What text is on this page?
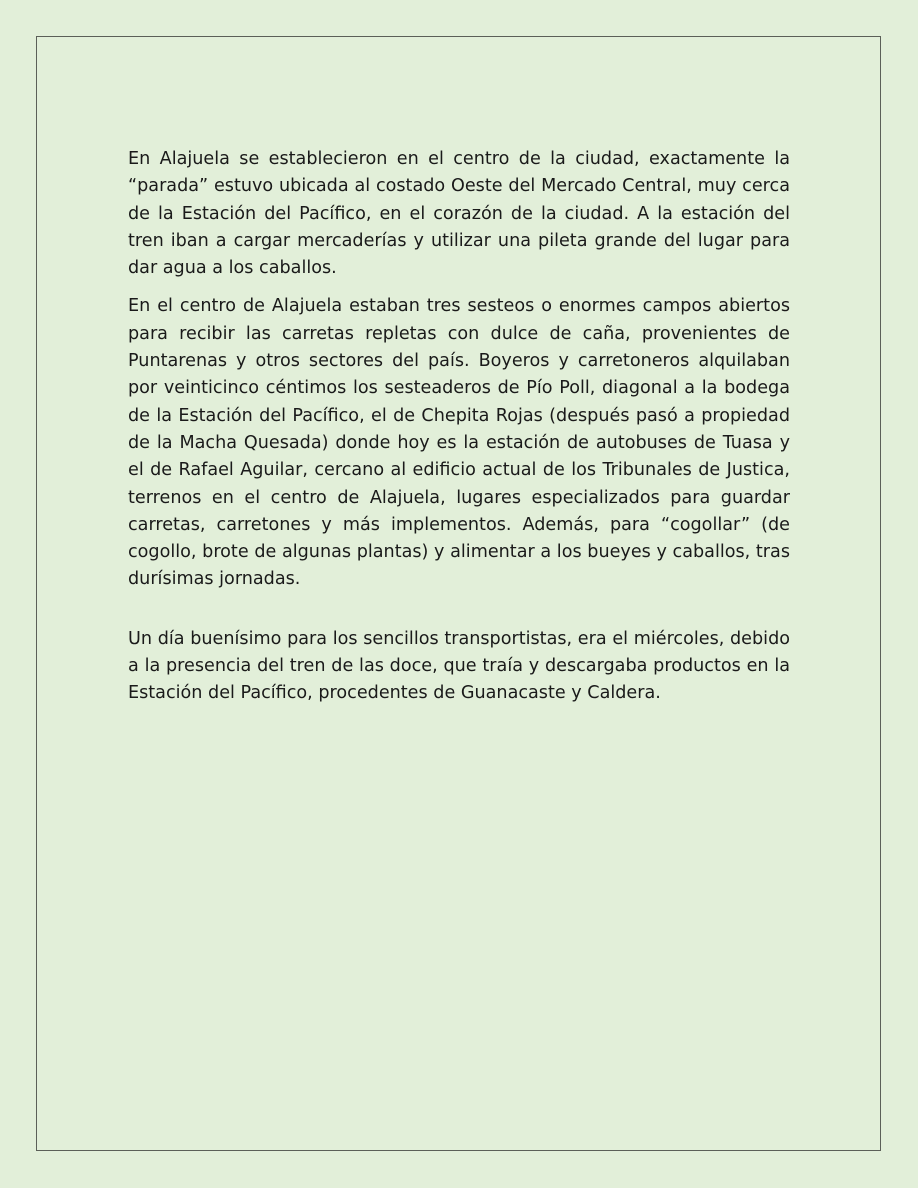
En Alajuela se establecieron en el centro de la ciudad, exactamente la “parada” estuvo ubicada al costado Oeste del Mercado Central, muy cerca de la Estación del Pacífico, en el corazón de la ciudad. A la estación del tren iban a cargar mercaderías y utilizar una pileta grande del lugar para dar agua a los caballos.

En el centro de Alajuela estaban tres sesteos o enormes campos abiertos para recibir las carretas repletas con dulce de caña, provenientes de Puntarenas y otros sectores del país. Boyeros y carretoneros alquilaban por veinticinco céntimos los sesteaderos de Pío Poll, diagonal a la bodega de la Estación del Pacífico, el de Chepita Rojas (después pasó a propiedad de la Macha Quesada) donde hoy es la estación de autobuses de Tuasa y el de Rafael Aguilar, cercano al edificio actual de los Tribunales de Justica, terrenos en el centro de Alajuela, lugares especializados para guardar carretas, carretones y más implementos. Además, para “cogollar” (de cogollo, brote de algunas plantas) y alimentar a los bueyes y caballos, tras durísimas jornadas.

Un día buenísimo para los sencillos transportistas, era el miércoles, debido a la presencia del tren de las doce, que traía y descargaba productos en la Estación del Pacífico, procedentes de Guanacaste y Caldera.
